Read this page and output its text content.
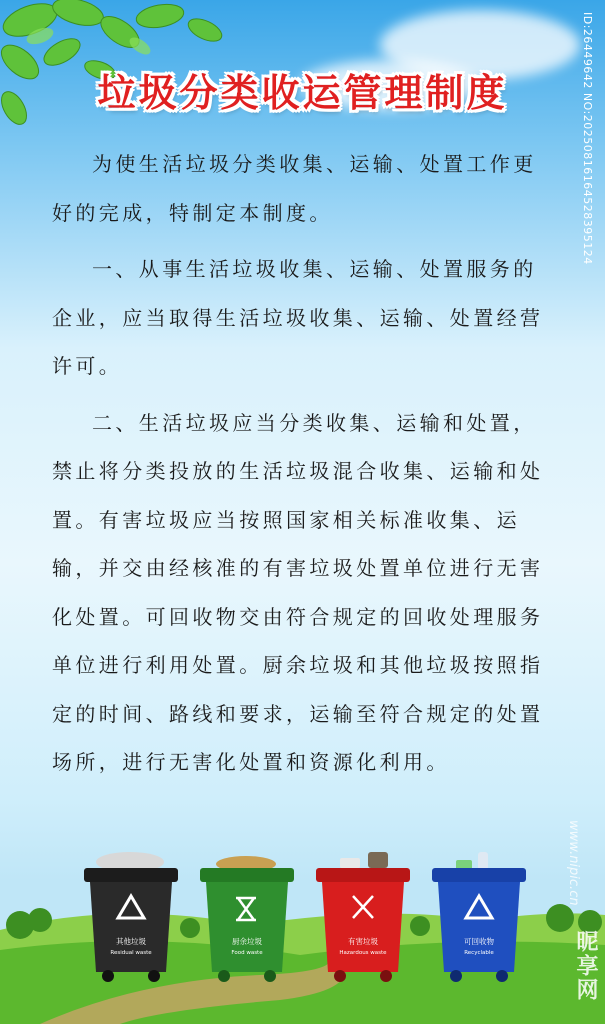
垃圾分类收运管理制度

为使生活垃圾分类收集、运输、处置工作更好的完成，特制定本制度。

一、从事生活垃圾收集、运输、处置服务的企业，应当取得生活垃圾收集、运输、处置经营许可。

二、生活垃圾应当分类收集、运输和处置，禁止将分类投放的生活垃圾混合收集、运输和处置。有害垃圾应当按照国家相关标准收集、运输，并交由经核准的有害垃圾处置单位进行无害化处置。可回收物交由符合规定的回收处理服务单位进行利用处置。厨余垃圾和其他垃圾按照指定的时间、路线和要求，运输至符合规定的处置场所，进行无害化处置和资源化利用。

ID:26449642 NO:20250816164528395124
其他垃圾
Residual waste
厨余垃圾
Food waste
有害垃圾
Hazardous waste
可回收物
Recyclable
www.nipic.cn
昵享网
